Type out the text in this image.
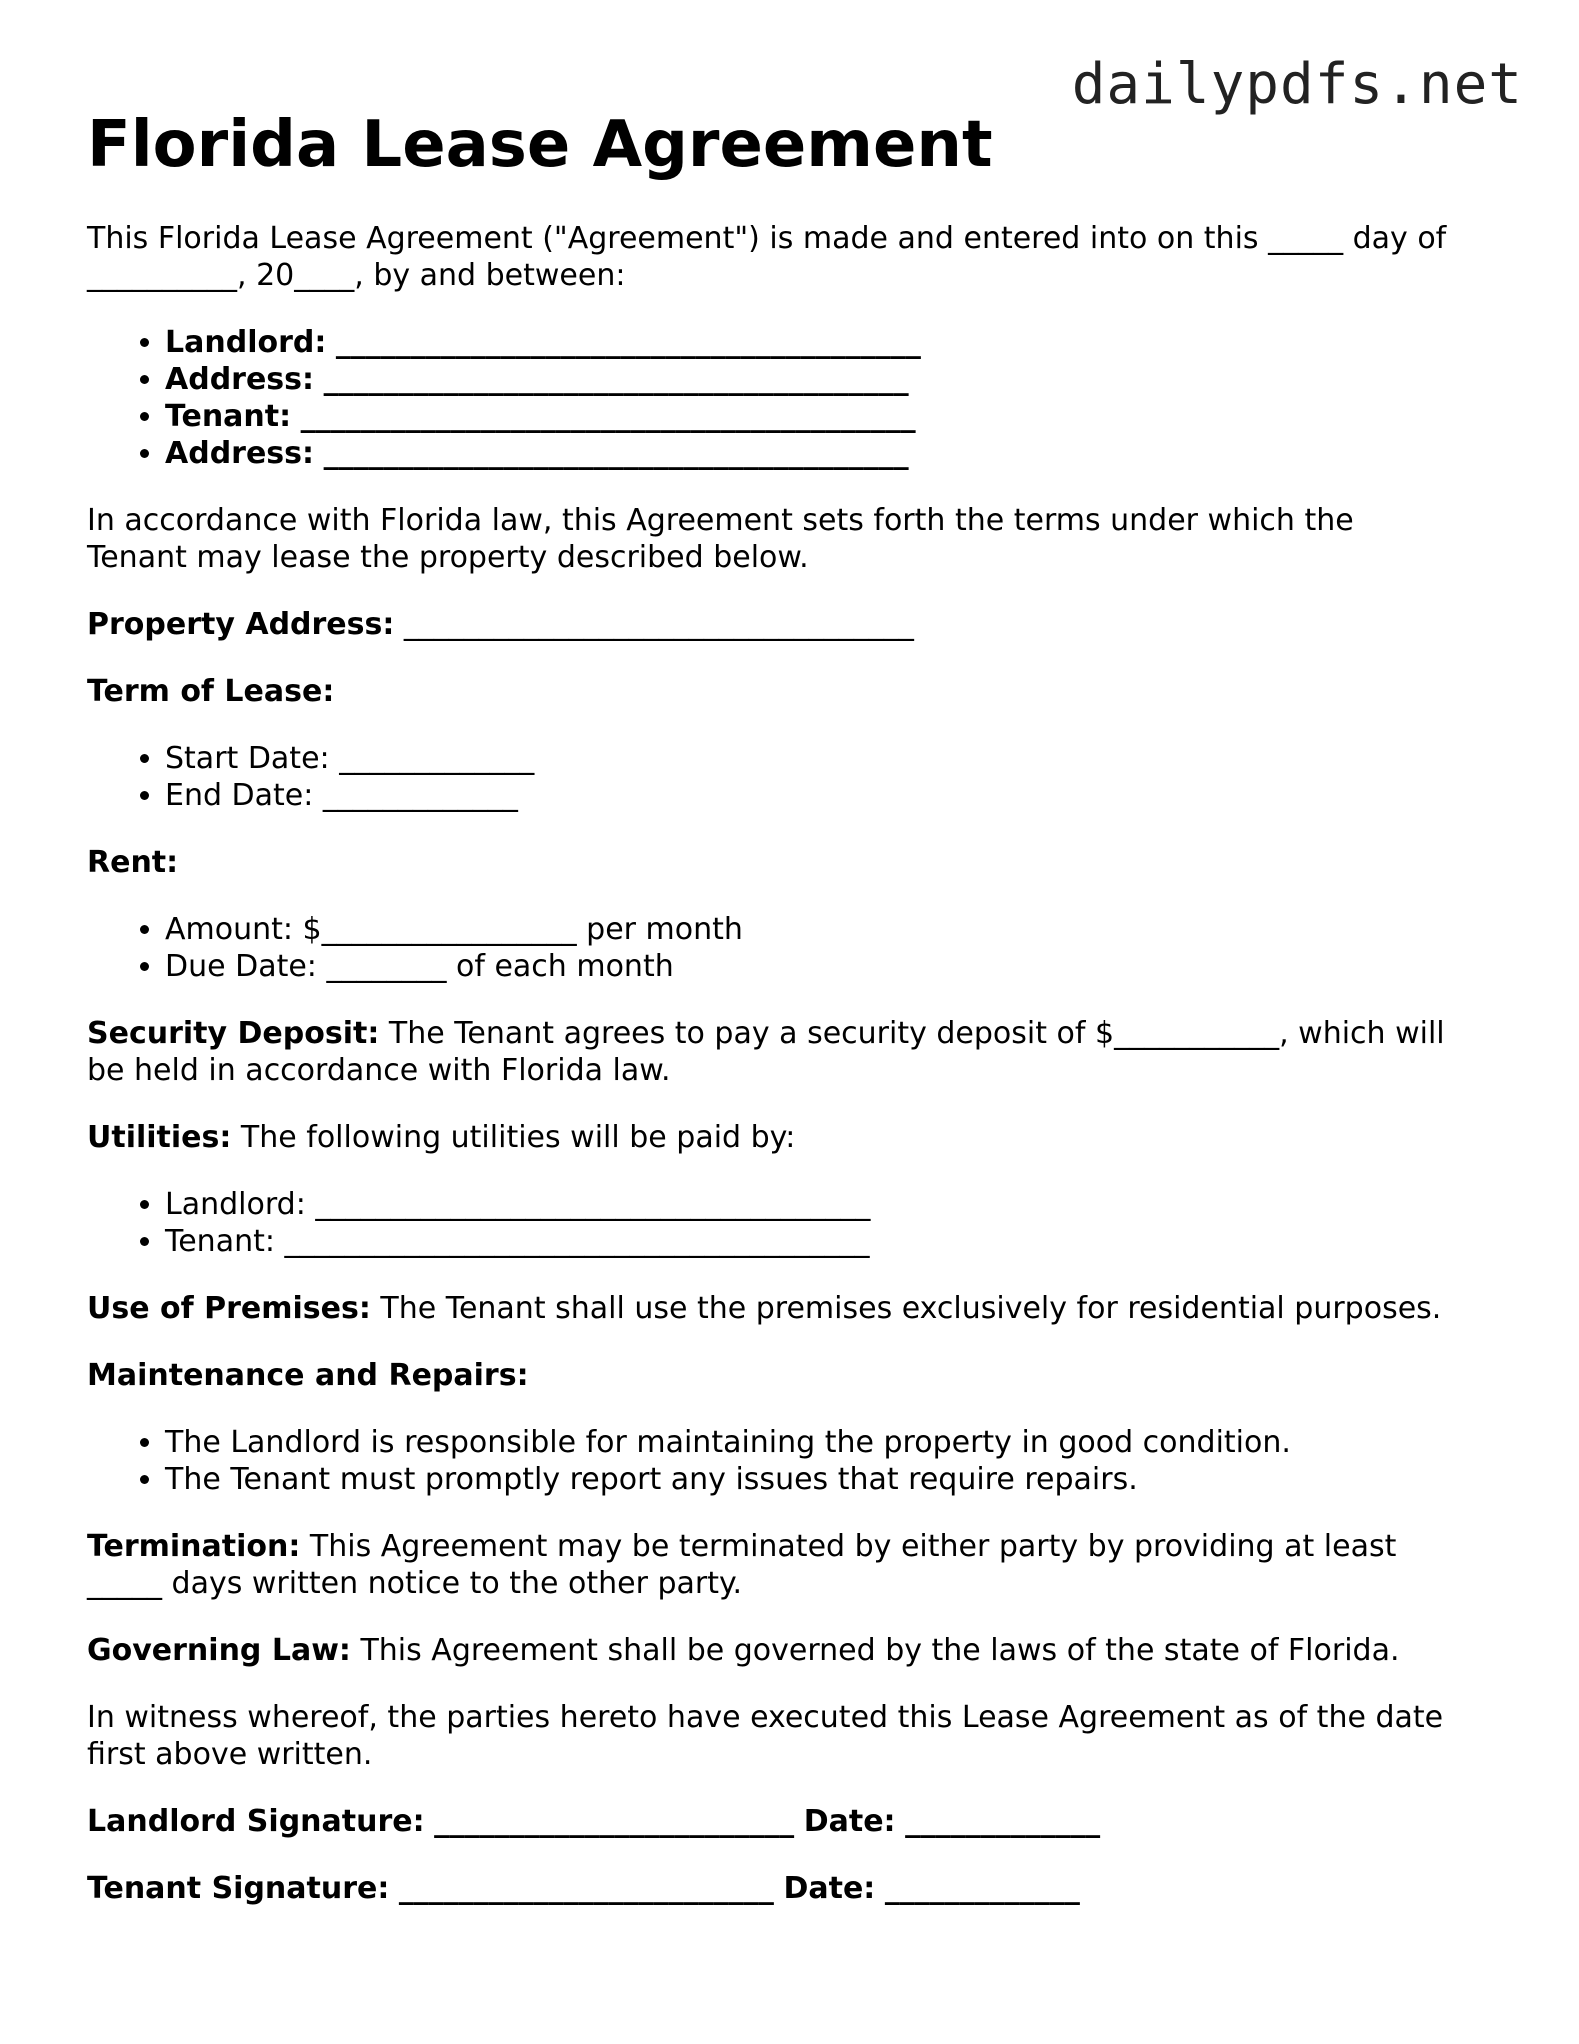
dailypdfs.net
Florida Lease Agreement

This Florida Lease Agreement ("Agreement") is made and entered into on this _____ day of
__________, 20____, by and between:

• Landlord: _______________________________________
• Address: _______________________________________
• Tenant: _________________________________________
• Address: _______________________________________

In accordance with Florida law, this Agreement sets forth the terms under which the
Tenant may lease the property described below.

Property Address: __________________________________

Term of Lease:

• Start Date: _____________
• End Date: _____________

Rent:

• Amount: $_________________ per month
• Due Date: ________ of each month

Security Deposit: The Tenant agrees to pay a security deposit of $___________, which will
be held in accordance with Florida law.

Utilities: The following utilities will be paid by:

• Landlord: _____________________________________
• Tenant: _______________________________________

Use of Premises: The Tenant shall use the premises exclusively for residential purposes.

Maintenance and Repairs:

• The Landlord is responsible for maintaining the property in good condition.
• The Tenant must promptly report any issues that require repairs.

Termination: This Agreement may be terminated by either party by providing at least
_____ days written notice to the other party.

Governing Law: This Agreement shall be governed by the laws of the state of Florida.

In witness whereof, the parties hereto have executed this Lease Agreement as of the date
first above written.

Landlord Signature: ________________________ Date: _____________

Tenant Signature: _________________________ Date: _____________
